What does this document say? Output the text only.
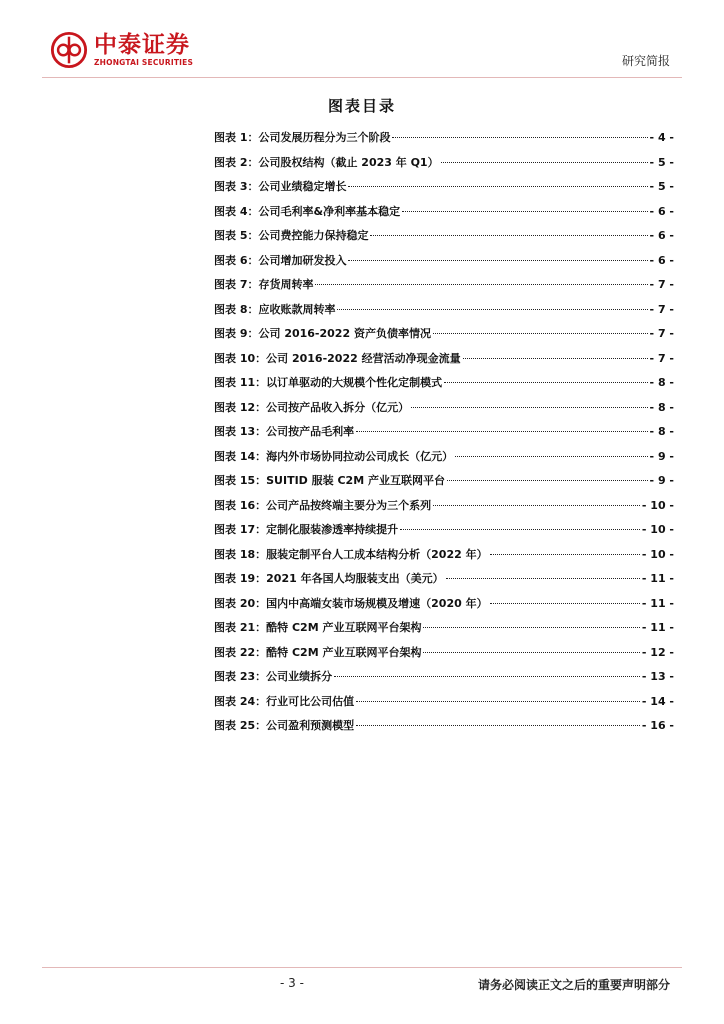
中泰证券
ZHONGTAI SECURITIES	研究简报
图表目录
图表 1：公司发展历程分为三个阶段	- 4 -
图表 2：公司股权结构（截止 2023 年 Q1）	- 5 -
图表 3：公司业绩稳定增长	- 5 -
图表 4：公司毛利率&净利率基本稳定	- 6 -
图表 5：公司费控能力保持稳定	- 6 -
图表 6：公司增加研发投入	- 6 -
图表 7：存货周转率	- 7 -
图表 8：应收账款周转率	- 7 -
图表 9：公司 2016-2022 资产负债率情况	- 7 -
图表 10：公司 2016-2022 经营活动净现金流量	- 7 -
图表 11：以订单驱动的大规模个性化定制模式	- 8 -
图表 12：公司按产品收入拆分（亿元）	- 8 -
图表 13：公司按产品毛利率	- 8 -
图表 14：海内外市场协同拉动公司成长（亿元）	- 9 -
图表 15：SUITID 服装 C2M 产业互联网平台	- 9 -
图表 16：公司产品按终端主要分为三个系列	- 10 -
图表 17：定制化服装渗透率持续提升	- 10 -
图表 18：服装定制平台人工成本结构分析（2022 年）	- 10 -
图表 19：2021 年各国人均服装支出（美元）	- 11 -
图表 20：国内中高端女装市场规模及增速（2020 年）	- 11 -
图表 21：酷特 C2M 产业互联网平台架构	- 11 -
图表 22：酷特 C2M 产业互联网平台架构	- 12 -
图表 23：公司业绩拆分	- 13 -
图表 24：行业可比公司估值	- 14 -
图表 25：公司盈利预测模型	- 16 -
- 3 -	请务必阅读正文之后的重要声明部分
